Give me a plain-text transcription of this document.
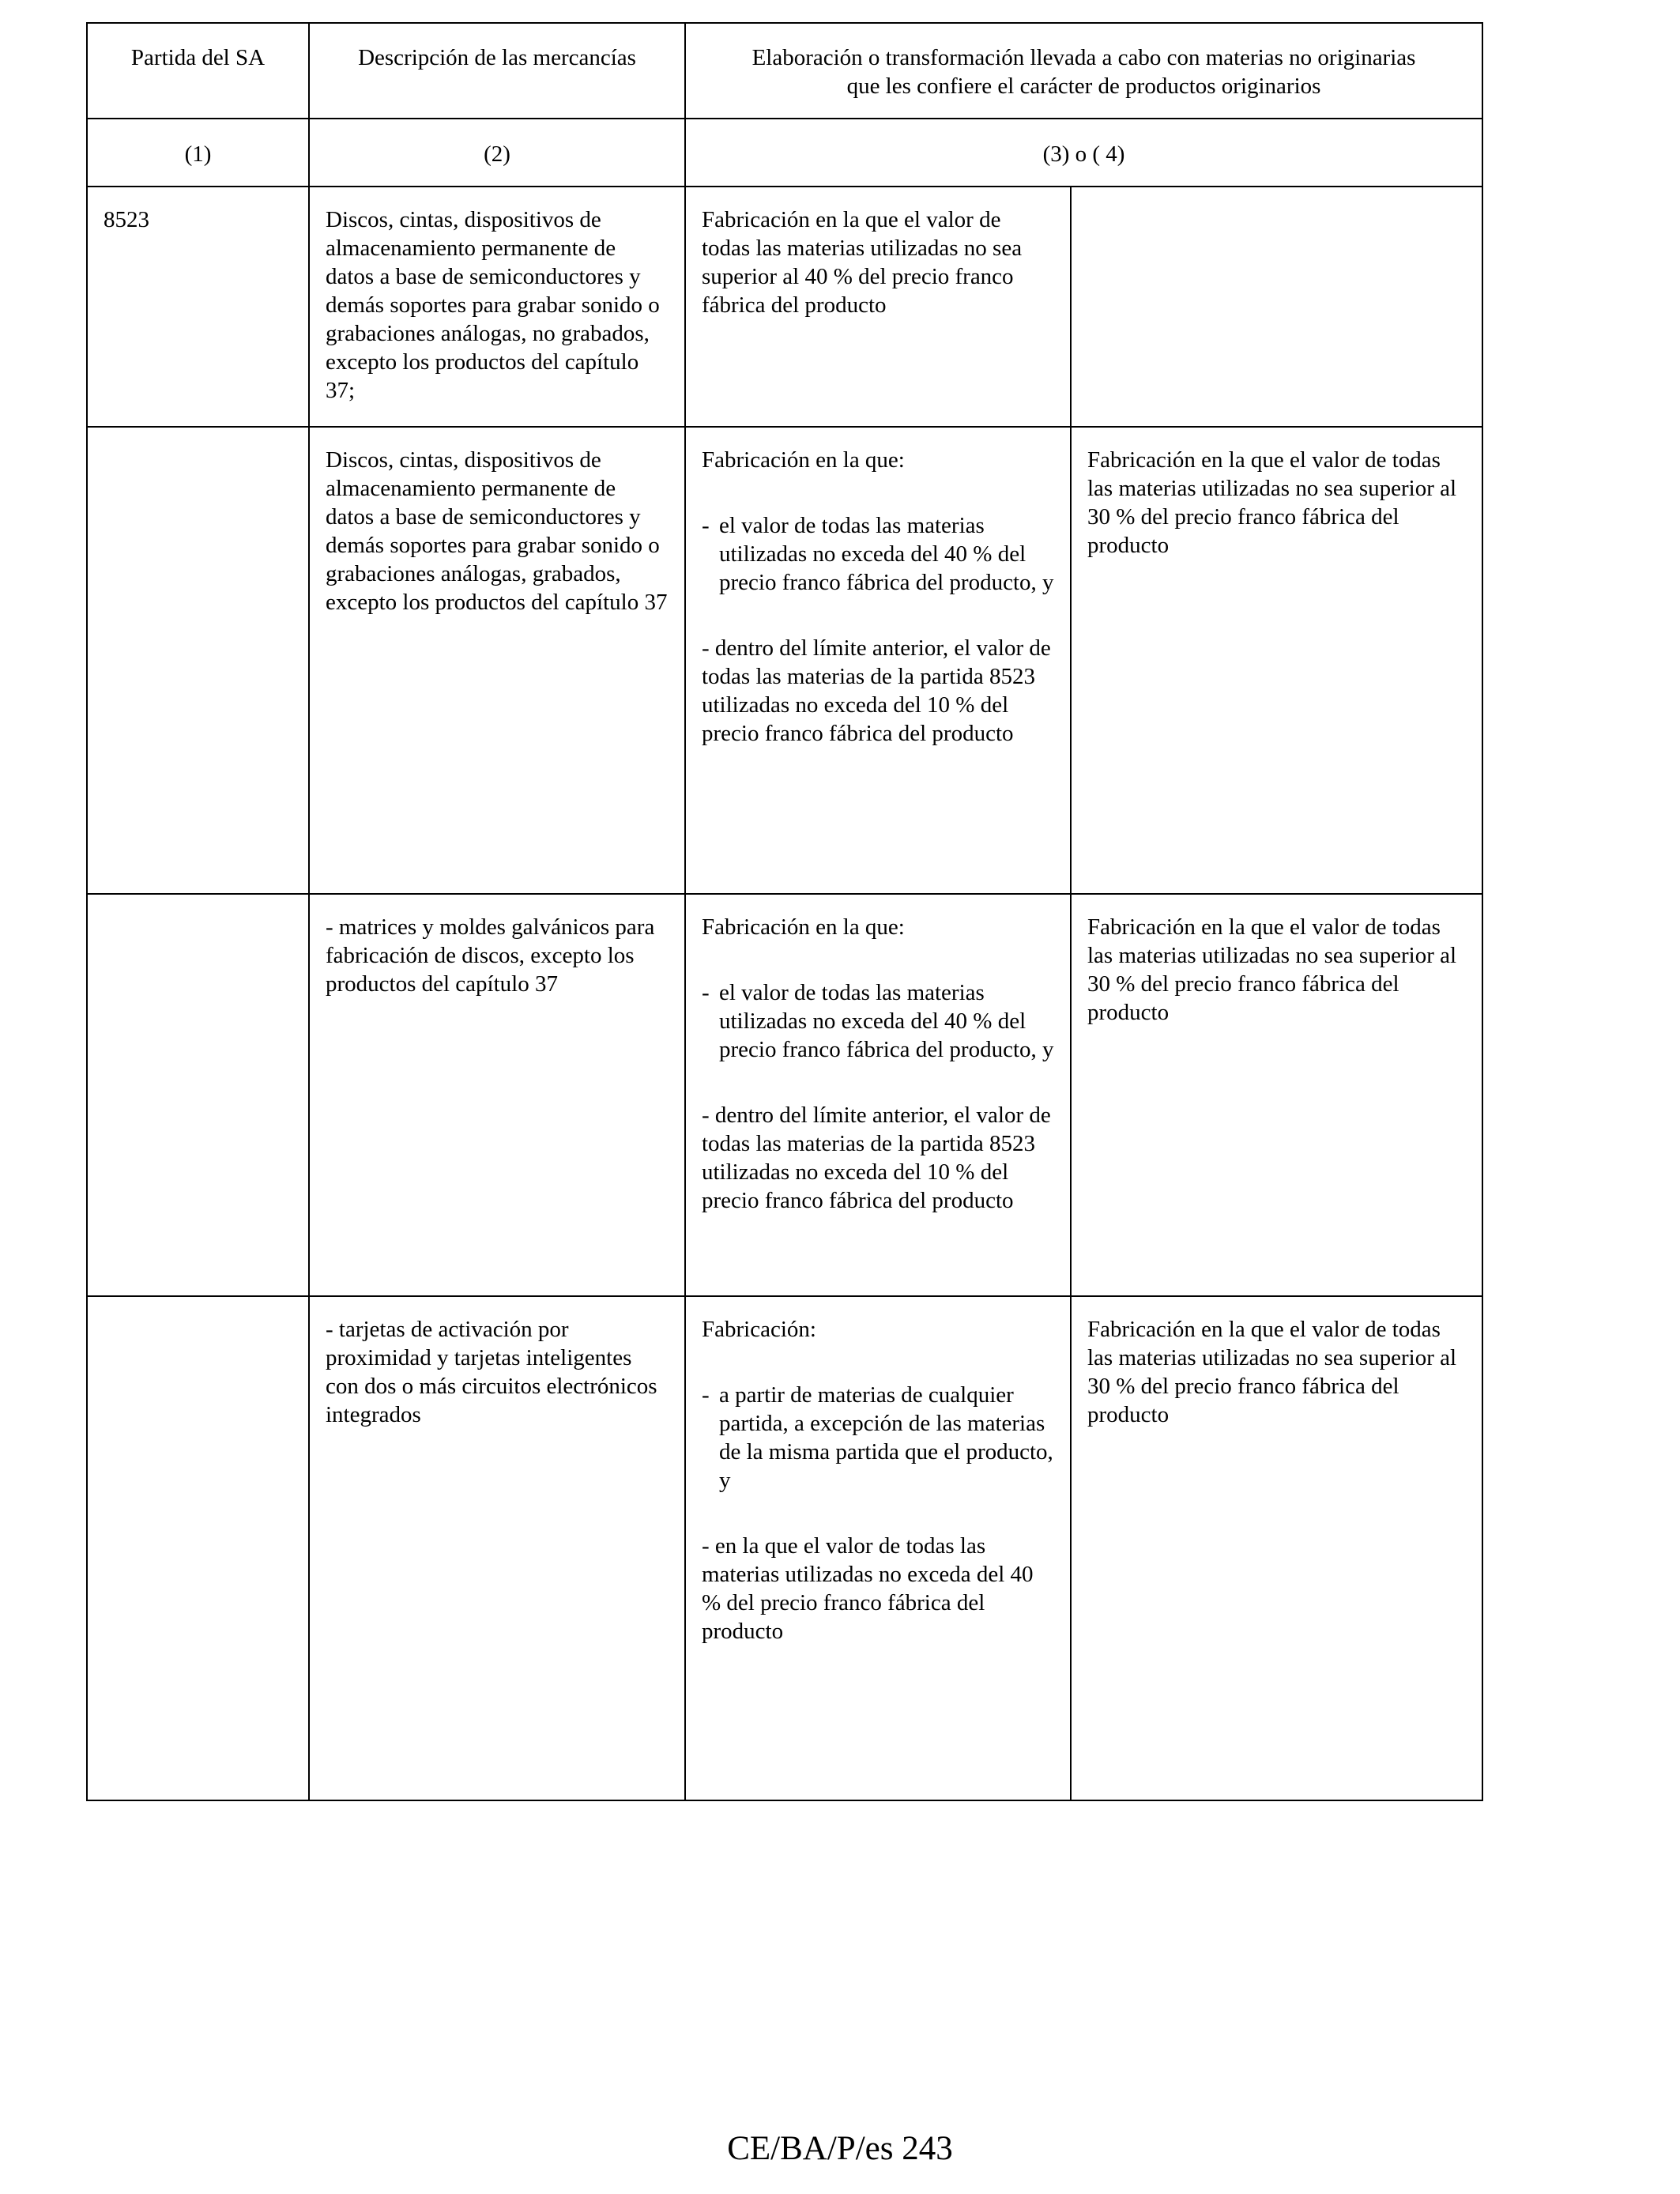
Partida del SA	Descripción de las mercancías	Elaboración o transformación llevada a cabo con materias no originarias
que les confiere el carácter de productos originarios	

(1)	(2)	(3) o ( 4)	

8523	Discos, cintas, dispositivos de almacenamiento permanente de datos a base de semiconductores y demás soportes para grabar sonido o grabaciones análogas, no grabados, excepto los productos del capítulo 37;	Fabricación en la que el valor de todas las materias utilizadas no sea superior al 40 % del precio franco fábrica del producto	

	Discos, cintas, dispositivos de almacenamiento permanente de datos a base de semiconductores y demás soportes para grabar sonido o grabaciones análogas, grabados, excepto los productos del capítulo 37	Fabricación en la que:

- el valor de todas las materias utilizadas no exceda del 40 % del precio franco fábrica del producto, y

- dentro del límite anterior, el valor de todas las materias de la partida 8523 utilizadas no exceda del 10 % del precio franco fábrica del producto	Fabricación en la que el valor de todas las materias utilizadas no sea superior al 30 % del precio franco fábrica del producto

	- matrices y moldes galvánicos para fabricación de discos, excepto los productos del capítulo 37	Fabricación en la que:

- el valor de todas las materias utilizadas no exceda del 40 % del precio franco fábrica del producto, y

- dentro del límite anterior, el valor de todas las materias de la partida 8523 utilizadas no exceda del 10 % del precio franco fábrica del producto	Fabricación en la que el valor de todas las materias utilizadas no sea superior al 30 % del precio franco fábrica del producto

	- tarjetas de activación por proximidad y tarjetas inteligentes con dos o más circuitos electrónicos integrados	Fabricación:

- a partir de materias de cualquier partida, a excepción de las materias de la misma partida que el producto, y

- en la que el valor de todas las materias utilizadas no exceda del 40 % del precio franco fábrica del producto	Fabricación en la que el valor de todas las materias utilizadas no sea superior al 30 % del precio franco fábrica del producto
CE/BA/P/es 243
